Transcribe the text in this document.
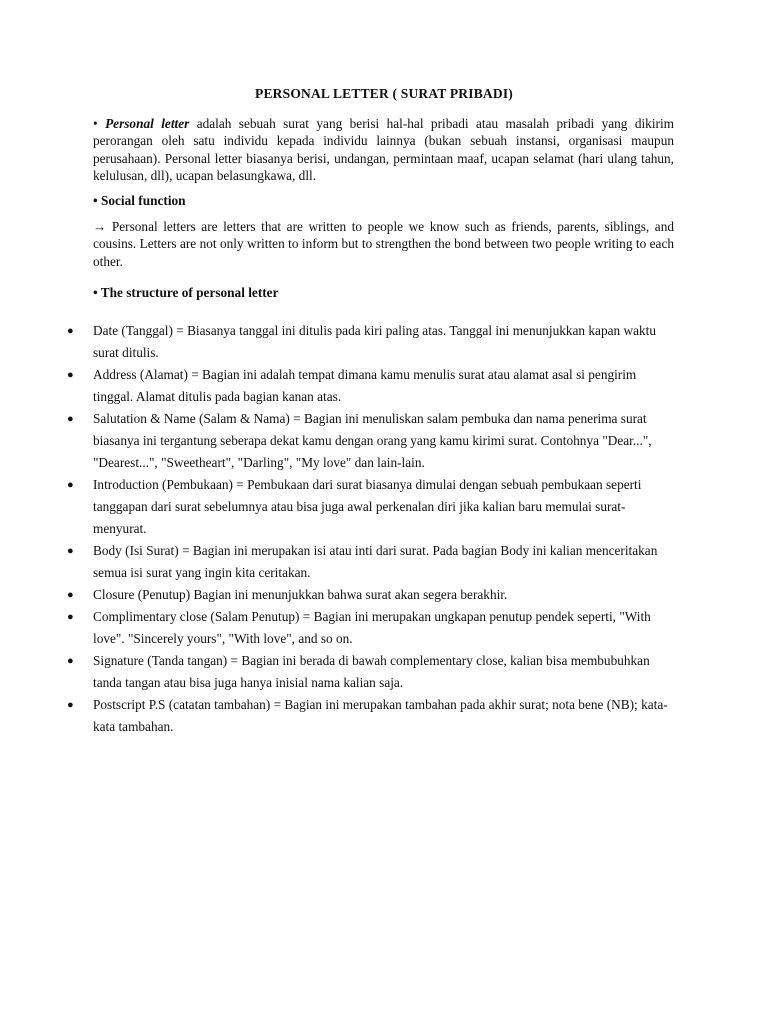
PERSONAL LETTER ( SURAT PRIBADI)
• Personal letter adalah sebuah surat yang berisi hal-hal pribadi atau masalah pribadi yang dikirim perorangan oleh satu individu kepada individu lainnya (bukan sebuah instansi, organisasi maupun perusahaan). Personal letter biasanya berisi, undangan, permintaan maaf, ucapan selamat (hari ulang tahun, kelulusan, dll), ucapan belasungkawa, dll.
• Social function
→ Personal letters are letters that are written to people we know such as friends, parents, siblings, and cousins. Letters are not only written to inform but to strengthen the bond between two people writing to each other.
• The structure of personal letter
● Date (Tanggal) = Biasanya tanggal ini ditulis pada kiri paling atas. Tanggal ini menunjukkan kapan waktu surat ditulis.
● Address (Alamat) = Bagian ini adalah tempat dimana kamu menulis surat atau alamat asal si pengirim tinggal. Alamat ditulis pada bagian kanan atas.
● Salutation & Name (Salam & Nama) = Bagian ini menuliskan salam pembuka dan nama penerima surat biasanya ini tergantung seberapa dekat kamu dengan orang yang kamu kirimi surat. Contohnya "Dear...", "Dearest...", "Sweetheart", "Darling", "My love" dan lain-lain.
● Introduction (Pembukaan) = Pembukaan dari surat biasanya dimulai dengan sebuah pembukaan seperti tanggapan dari surat sebelumnya atau bisa juga awal perkenalan diri jika kalian baru memulai surat-menyurat.
● Body (Isi Surat) = Bagian ini merupakan isi atau inti dari surat. Pada bagian Body ini kalian menceritakan semua isi surat yang ingin kita ceritakan.
● Closure (Penutup) Bagian ini menunjukkan bahwa surat akan segera berakhir.
● Complimentary close (Salam Penutup) = Bagian ini merupakan ungkapan penutup pendek seperti, "With love". "Sincerely yours", "With love", and so on.
● Signature (Tanda tangan) = Bagian ini berada di bawah complementary close, kalian bisa membubuhkan tanda tangan atau bisa juga hanya inisial nama kalian saja.
● Postscript P.S (catatan tambahan) = Bagian ini merupakan tambahan pada akhir surat; nota bene (NB); kata-kata tambahan.
